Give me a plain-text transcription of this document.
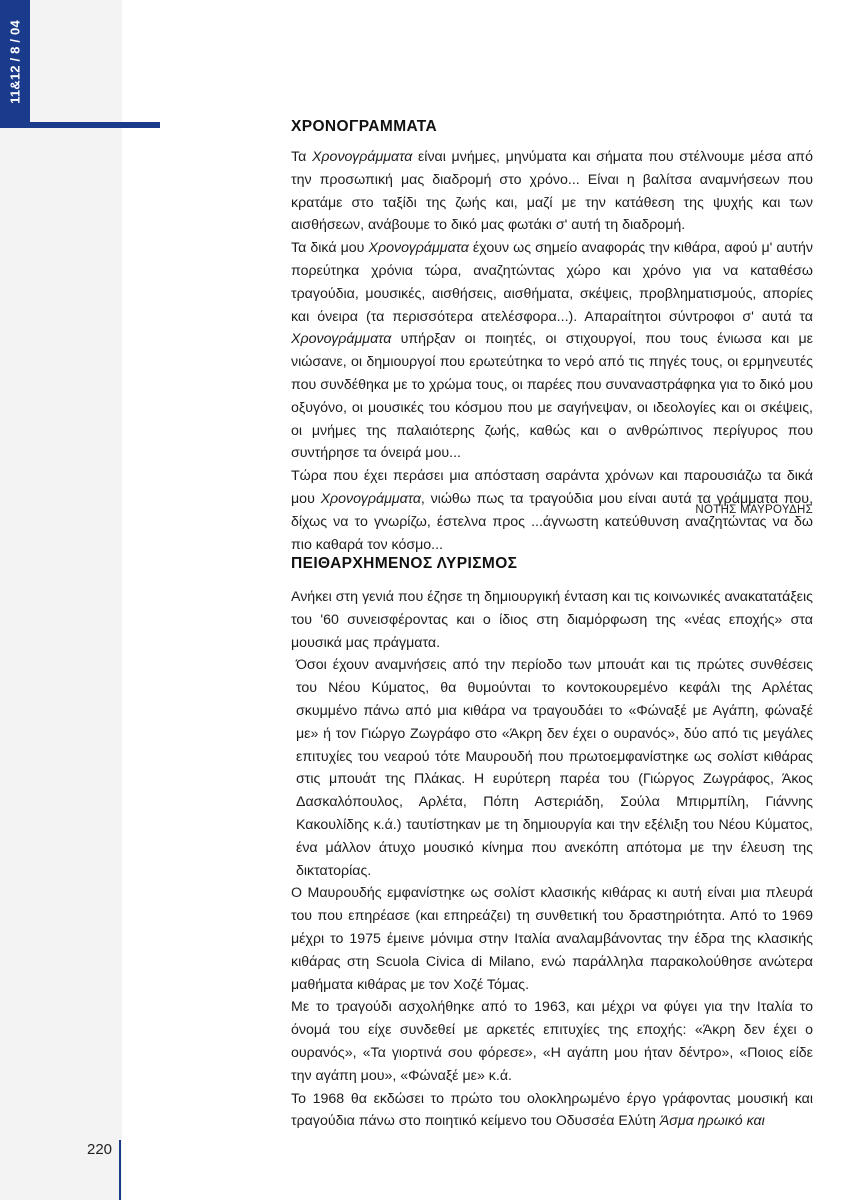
11&12 / 8 / 04
220
ΧΡΟΝΟΓΡΑΜΜΑΤΑ

Τα Χρονογράμματα είναι μνήμες, μηνύματα και σήματα που στέλνουμε μέσα από την προσωπική μας διαδρομή στο χρόνο... Είναι η βαλίτσα αναμνήσεων που κρατάμε στο ταξίδι της ζωής και, μαζί με την κατάθεση της ψυχής και των αισθήσεων, ανάβουμε το δικό μας φωτάκι σ' αυτή τη διαδρομή.

Τα δικά μου Χρονογράμματα έχουν ως σημείο αναφοράς την κιθάρα, αφού μ' αυτήν πορεύτηκα χρόνια τώρα, αναζητώντας χώρο και χρόνο για να καταθέσω τραγούδια, μουσικές, αισθήσεις, αισθήματα, σκέψεις, προβληματισμούς, απορίες και όνειρα (τα περισσότερα ατελέσφορα...). Απαραίτητοι σύντροφοι σ' αυτά τα Χρονογράμματα υπήρξαν οι ποιητές, οι στιχουργοί, που τους ένιωσα και με νιώσανε, οι δημιουργοί που ερωτεύτηκα το νερό από τις πηγές τους, οι ερμηνευτές που συνδέθηκα με το χρώμα τους, οι παρέες που συναναστράφηκα για το δικό μου οξυγόνο, οι μουσικές του κόσμου που με σαγήνεψαν, οι ιδεολογίες και οι σκέψεις, οι μνήμες της παλαιότερης ζωής, καθώς και ο ανθρώπινος περίγυρος που συντήρησε τα όνειρά μου...

Τώρα που έχει περάσει μια απόσταση σαράντα χρόνων και παρουσιάζω τα δικά μου Χρονογράμματα, νιώθω πως τα τραγούδια μου είναι αυτά τα γράμματα που, δίχως να το γνωρίζω, έστελνα προς ...άγνωστη κατεύθυνση αναζητώντας να δω πιο καθαρά τον κόσμο...

ΝΟΤΗΣ ΜΑΥΡΟΥΔΗΣ
ΠΕΙΘΑΡΧΗΜΕΝΟΣ ΛΥΡΙΣΜΟΣ

Ανήκει στη γενιά που έζησε τη δημιουργική ένταση και τις κοινωνικές ανακατατάξεις του '60 συνεισφέροντας και ο ίδιος στη διαμόρφωση της «νέας εποχής» στα μουσικά μας πράγματα.

Όσοι έχουν αναμνήσεις από την περίοδο των μπουάτ και τις πρώτες συνθέσεις του Νέου Κύματος, θα θυμούνται το κοντοκουρεμένο κεφάλι της Αρλέτας σκυμμένο πάνω από μια κιθάρα να τραγουδάει το «Φώναξέ με Αγάπη, φώναξέ με» ή τον Γιώργο Ζωγράφο στο «Άκρη δεν έχει ο ουρανός», δύο από τις μεγάλες επιτυχίες του νεαρού τότε Μαυρουδή που πρωτοεμφανίστηκε ως σολίστ κιθάρας στις μπουάτ της Πλάκας. Η ευρύτερη παρέα του (Γιώργος Ζωγράφος, Άκος Δασκαλόπουλος, Αρλέτα, Πόπη Αστεριάδη, Σούλα Μπιρμπίλη, Γιάννης Κακουλίδης κ.ά.) ταυτίστηκαν με τη δημιουργία και την εξέλιξη του Νέου Κύματος, ένα μάλλον άτυχο μουσικό κίνημα που ανεκόπη απότομα με την έλευση της δικτατορίας.

Ο Μαυρουδής εμφανίστηκε ως σολίστ κλασικής κιθάρας κι αυτή είναι μια πλευρά του που επηρέασε (και επηρεάζει) τη συνθετική του δραστηριότητα. Από το 1969 μέχρι το 1975 έμεινε μόνιμα στην Ιταλία αναλαμβάνοντας την έδρα της κλασικής κιθάρας στη Scuola Civica di Milano, ενώ παράλληλα παρακολούθησε ανώτερα μαθήματα κιθάρας με τον Χοζέ Τόμας.

Με το τραγούδι ασχολήθηκε από το 1963, και μέχρι να φύγει για την Ιταλία το όνομά του είχε συνδεθεί με αρκετές επιτυχίες της εποχής: «Άκρη δεν έχει ο ουρανός», «Τα γιορτινά σου φόρεσε», «Η αγάπη μου ήταν δέντρο», «Ποιος είδε την αγάπη μου», «Φώναξέ με» κ.ά.

Το 1968 θα εκδώσει το πρώτο του ολοκληρωμένο έργο γράφοντας μουσική και τραγούδια πάνω στο ποιητικό κείμενο του Οδυσσέα Ελύτη Άσμα ηρωικό και
